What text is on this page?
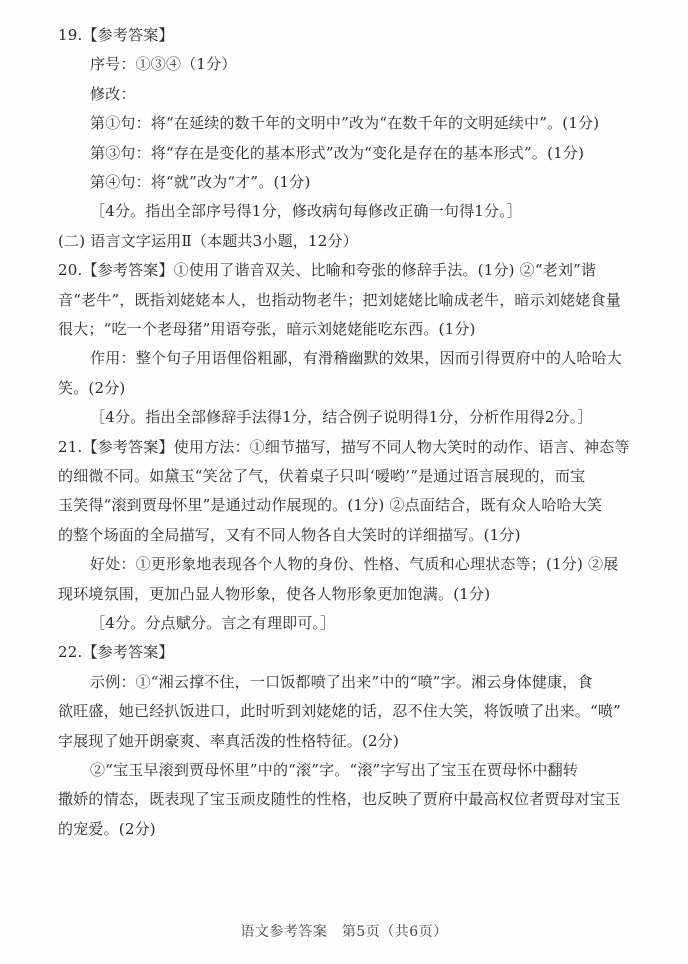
19.【参考答案】
序号：①③④（1分）
修改：
第①句：将“在延续的数千年的文明中”改为“在数千年的文明延续中”。(1分)
第③句：将“存在是变化的基本形式”改为“变化是存在的基本形式”。(1分)
第④句：将“就”改为“才”。(1分)
［4分。指出全部序号得1分，修改病句每修改正确一句得1分。］
(二) 语言文字运用Ⅱ（本题共3小题，12分）
20.【参考答案】①使用了谐音双关、比喻和夸张的修辞手法。(1分) ②“老刘”谐
音“老牛”，既指刘姥姥本人，也指动物老牛；把刘姥姥比喻成老牛，暗示刘姥姥食量
很大；“吃一个老母猪”用语夸张，暗示刘姥姥能吃东西。(1分)
作用：整个句子用语俚俗粗鄙，有滑稽幽默的效果，因而引得贾府中的人哈哈大
笑。(2分)
［4分。指出全部修辞手法得1分，结合例子说明得1分，分析作用得2分。］
21.【参考答案】使用方法：①细节描写，描写不同人物大笑时的动作、语言、神态等
的细微不同。如黛玉“笑岔了气，伏着桌子只叫‘嗳哟’”是通过语言展现的，而宝
玉笑得“滚到贾母怀里”是通过动作展现的。(1分) ②点面结合，既有众人哈哈大笑
的整个场面的全局描写，又有不同人物各自大笑时的详细描写。(1分)
好处：①更形象地表现各个人物的身份、性格、气质和心理状态等；(1分) ②展
现环境氛围，更加凸显人物形象，使各人物形象更加饱满。(1分)
［4分。分点赋分。言之有理即可。］
22.【参考答案】
示例：①“湘云撑不住，一口饭都喷了出来”中的“喷”字。湘云身体健康，食
欲旺盛，她已经扒饭进口，此时听到刘姥姥的话，忍不住大笑，将饭喷了出来。“喷”
字展现了她开朗豪爽、率真活泼的性格特征。(2分)
②“宝玉早滚到贾母怀里”中的“滚”字。“滚”字写出了宝玉在贾母怀中翻转
撒娇的情态，既表现了宝玉顽皮随性的性格，也反映了贾府中最高权位者贾母对宝玉
的宠爱。(2分)
语文参考答案　第5页（共6页）
